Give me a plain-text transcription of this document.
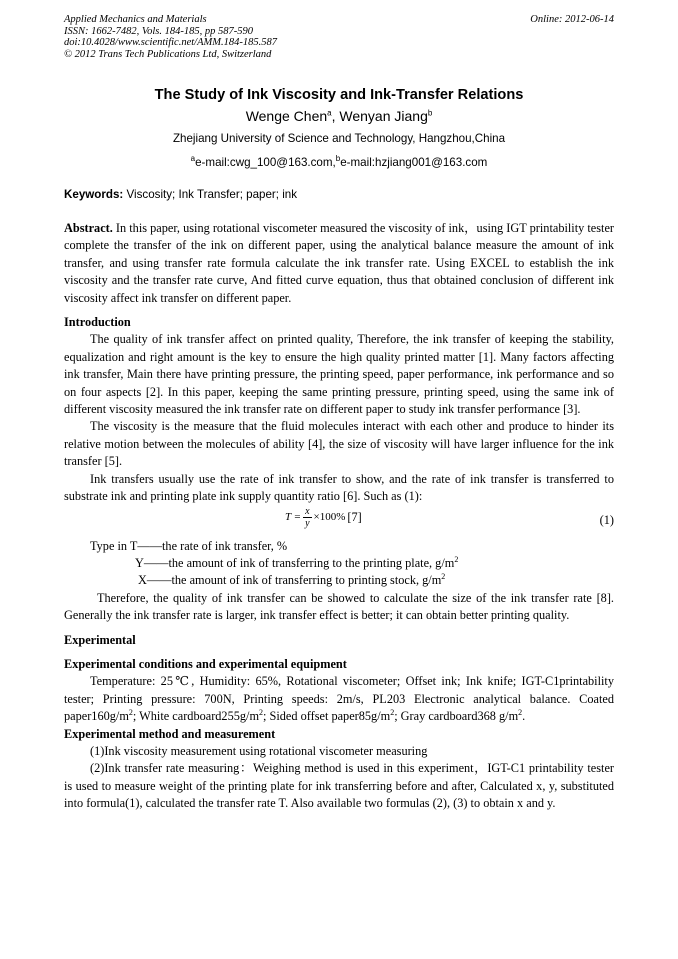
Applied Mechanics and Materials	Online: 2012-06-14
ISSN: 1662-7482, Vols. 184-185, pp 587-590
doi:10.4028/www.scientific.net/AMM.184-185.587
© 2012 Trans Tech Publications Ltd, Switzerland
The Study of Ink Viscosity and Ink-Transfer Relations
Wenge Chen$^a$, Wenyan Jiang$^b$
Zhejiang University of Science and Technology, Hangzhou,China
$^a$e-mail:cwg_100@163.com,$^b$e-mail:hzjiang001@163.com
Keywords: Viscosity; Ink Transfer; paper; ink

Abstract. In this paper, using rotational viscometer measured the viscosity of ink，using IGT printability tester complete the transfer of the ink on different paper, using the analytical balance measure the amount of ink transfer, and using transfer rate formula calculate the ink transfer rate. Using EXCEL to establish the ink viscosity and the transfer rate curve, And fitted curve equation, thus that obtained conclusion of different ink viscosity affect ink transfer on different paper.

Introduction

The quality of ink transfer affect on printed quality, Therefore, the ink transfer of keeping the stability, equalization and right amount is the key to ensure the high quality printed matter [1]. Many factors affecting ink transfer, Main there have printing pressure, the printing speed, paper performance, ink performance and so on four aspects [2]. In this paper, keeping the same printing pressure, printing speed, using the same ink of different viscosity measured the ink transfer rate on different paper to study ink transfer performance [3].

The viscosity is the measure that the fluid molecules interact with each other and produce to hinder its relative motion between the molecules of ability [4], the size of viscosity will have larger influence for the ink transfer [5].

Ink transfers usually use the rate of ink transfer to show, and the rate of ink transfer is transferred to substrate ink and printing plate ink supply quantity ratio [6]. Such as (1):

$T = \frac{x}{y} \times 100\%$ [7]	(1)
Type in T——the rate of ink transfer, %
Y——the amount of ink of transferring to the printing plate, $g/m^2$
X——the amount of ink of transferring to printing stock, $g/m^2$

Therefore, the quality of ink transfer can be showed to calculate the size of the ink transfer rate [8]. Generally the ink transfer rate is larger, ink transfer effect is better; it can obtain better printing quality.

Experimental
Experimental conditions and experimental equipment

Temperature: 25℃, Humidity: 65%, Rotational viscometer; Offset ink; Ink knife; IGT-C1printability tester; Printing pressure: 700N, Printing speeds: 2m/s, PL203 Electronic analytical balance. Coated $paper160g/m^2$; White $cardboard255g/m^2$; Sided offset $paper85g/m^2$; Gray cardboard368 $g/m^2$.

Experimental method and measurement

(1)Ink viscosity measurement using rotational viscometer measuring

(2)Ink transfer rate measuring：Weighing method is used in this experiment，IGT-C1 printability tester is used to measure weight of the printing plate for ink transferring before and after, Calculated x, y, substituted into formula(1), calculated the transfer rate T. Also available two formulas (2), (3) to obtain x and y.
